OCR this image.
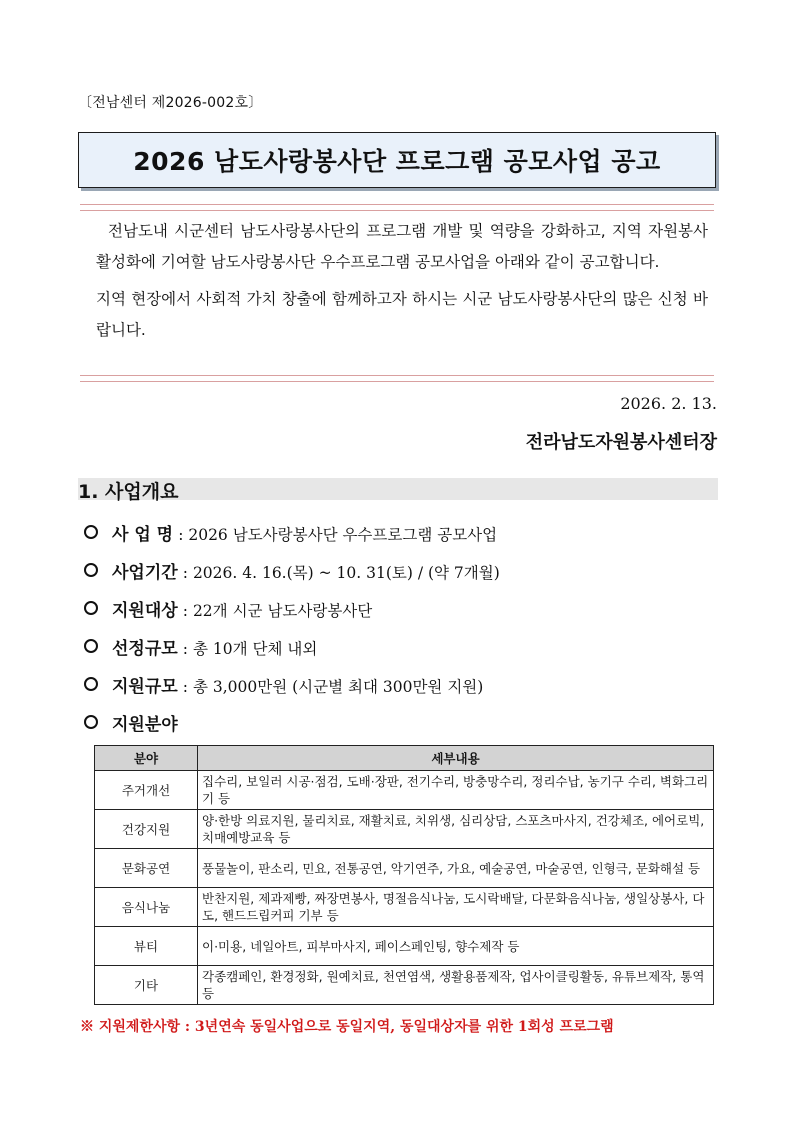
〔전남센터 제2026-002호〕
2026 남도사랑봉사단 프로그램 공모사업 공고

전남도내 시군센터 남도사랑봉사단의 프로그램 개발 및 역량을 강화하고, 지역 자원봉사 활성화에 기여할 남도사랑봉사단 우수프로그램 공모사업을 아래와 같이 공고합니다.

지역 현장에서 사회적 가치 창출에 함께하고자 하시는 시군 남도사랑봉사단의 많은 신청 바랍니다.

2026. 2. 13.
전라남도자원봉사센터장
1. 사업개요
사 업 명 : 2026 남도사랑봉사단 우수프로그램 공모사업
사업기간 : 2026. 4. 16.(목) ~ 10. 31(토) / (약 7개월)
지원대상 : 22개 시군 남도사랑봉사단
선정규모 : 총 10개 단체 내외
지원규모 : 총 3,000만원 (시군별 최대 300만원 지원)
지원분야
분야	세부내용
주거개선	집수리, 보일러 시공·점검, 도배·장판, 전기수리, 방충망수리, 정리수납, 농기구 수리, 벽화그리기 등
건강지원	양·한방 의료지원, 물리치료, 재활치료, 치위생, 심리상담, 스포츠마사지, 건강체조, 에어로빅, 치매예방교육 등
문화공연	풍물놀이, 판소리, 민요, 전통공연, 악기연주, 가요, 예술공연, 마술공연, 인형극, 문화해설 등
음식나눔	반찬지원, 제과제빵, 짜장면봉사, 명절음식나눔, 도시락배달, 다문화음식나눔, 생일상봉사, 다도, 핸드드립커피 기부 등
뷰티	이·미용, 네일아트, 피부마사지, 페이스페인팅, 향수제작 등
기타	각종캠페인, 환경정화, 원예치료, 천연염색, 생활용품제작, 업사이클링활동, 유튜브제작, 통역 등
※ 지원제한사항 : 3년연속 동일사업으로 동일지역, 동일대상자를 위한 1회성 프로그램
